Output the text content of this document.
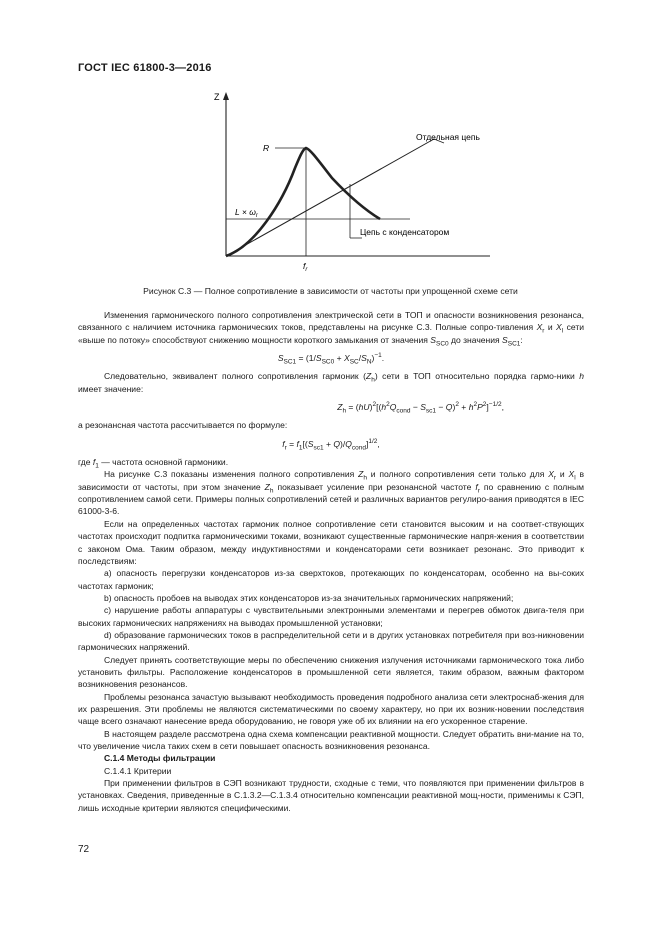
ГОСТ IEC 61800-3—2016
Z
Отдельная цепь
R
$L \times \omega_r$
$f_r$
Цепь с конденсатором
Рисунок С.3 — Полное сопротивление в зависимости от частоты при упрощенной схеме сети

Изменения гармонического полного сопротивления электрической сети в ТОП и опасности возникновения резонанса, связанного с наличием источника гармонических токов, представлены на рисунке С.3. Полные сопро-тивления $X_r$ и $X_l$ сети «выше по потоку» способствуют снижению мощности короткого замыкания от значения $S_{SC0}$ до значения $S_{SC1}$:

$S_{SC1} = (1/S_{SC0} + X_{SC}/S_N)^{-1}$.

Следовательно, эквивалент полного сопротивления гармоник $(Z_h)$ сети в ТОП относительно порядка гармо-ники h имеет значение:

$Z_h = (hU)^2[(h^2Q_{cond} - S_{sc1} - Q)^2 + h^2P^2]^{-1/2}$,

а резонансная частота рассчитывается по формуле:

$f_r = f_1[(S_{sc1} + Q)/Q_{cond}]^{1/2}$,

где $f_1$ — частота основной гармоники.

На рисунке С.3 показаны изменения полного сопротивления $Z_h$ и полного сопротивления сети только для $X_r$ и $X_l$ в зависимости от частоты, при этом значение $Z_h$ показывает усиление при резонансной частоте $f_r$ по сравнению с полным сопротивлением самой сети. Примеры полных сопротивлений сетей и различных вариантов регулиро-вания приводятся в IEC 61000-3-6.

Если на определенных частотах гармоник полное сопротивление сети становится высоким и на соответ-ствующих частотах происходит подпитка гармоническими токами, возникают существенные гармонические напря-жения в соответствии с законом Ома. Таким образом, между индуктивностями и конденсаторами сети возникает резонанс. Это приводит к последствиям:

а) опасность перегрузки конденсаторов из-за сверхтоков, протекающих по конденсаторам, особенно на вы-соких частотах гармоник;

b) опасность пробоев на выводах этих конденсаторов из-за значительных гармонических напряжений;

с) нарушение работы аппаратуры с чувствительными электронными элементами и перегрев обмоток двига-теля при высоких гармонических напряжениях на выводах промышленной установки;

d) образование гармонических токов в распределительной сети и в других установках потребителя при воз-никновении гармонических напряжений.

Следует принять соответствующие меры по обеспечению снижения излучения источниками гармонического тока либо установить фильтры. Расположение конденсаторов в промышленной сети является, таким образом, важным фактором возникновения резонансов.

Проблемы резонанса зачастую вызывают необходимость проведения подробного анализа сети электроснаб-жения для их разрешения. Эти проблемы не являются систематическими по своему характеру, но при их возник-новении последствия чаще всего означают нанесение вреда оборудованию, не говоря уже об их влиянии на его ускоренное старение.

В настоящем разделе рассмотрена одна схема компенсации реактивной мощности. Следует обратить вни-мание на то, что увеличение числа таких схем в сети повышает опасность возникновения резонанса.

С.1.4 Методы фильтрации

С.1.4.1 Критерии

При применении фильтров в СЭП возникают трудности, сходные с теми, что появляются при применении фильтров в установках. Сведения, приведенные в С.1.3.2—С.1.3.4 относительно компенсации реактивной мощ-ности, применимы к СЭП, лишь исходные критерии являются специфическими.

72
